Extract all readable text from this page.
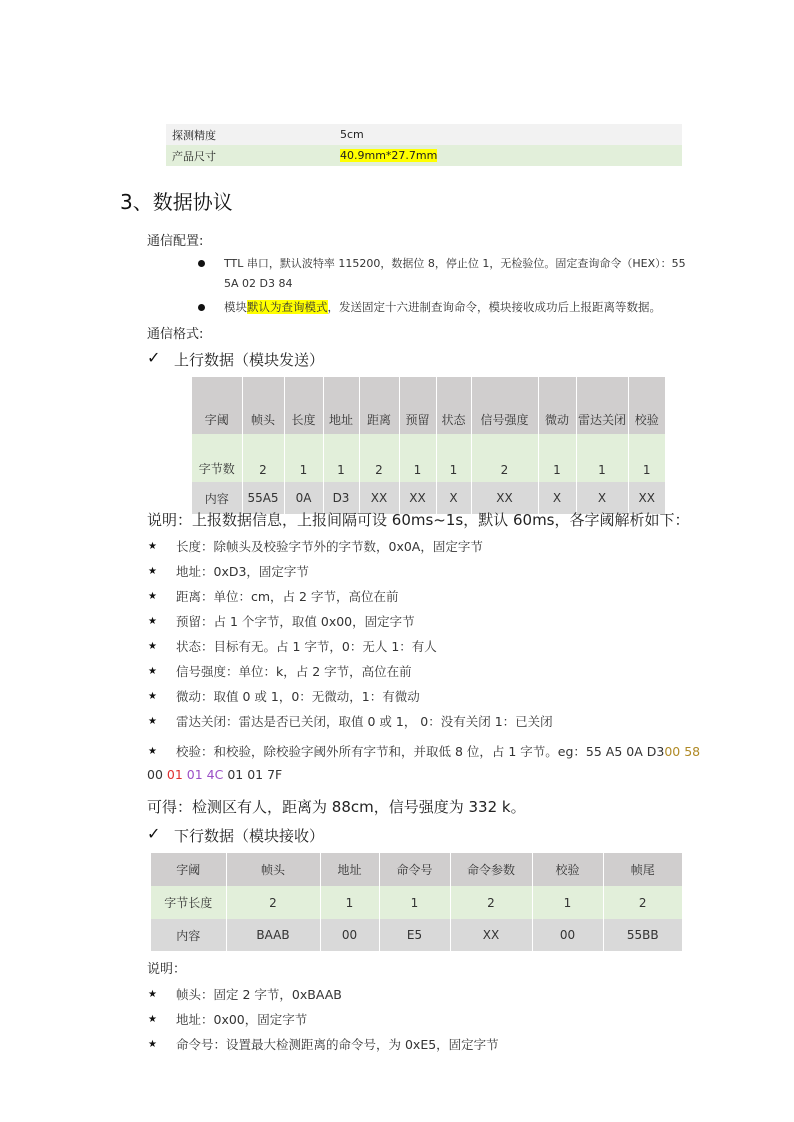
探测精度	5cm
产品尺寸	40.9mm*27.7mm
3、数据协议
通信配置:
TTL 串口，默认波特率 115200，数据位 8，停止位 1，无检验位。固定查询命令（HEX）：55
5A 02 D3 84
模块默认为查询模式，发送固定十六进制查询命令，模块接收成功后上报距离等数据。
通信格式:
✓ 上行数据（模块发送）
字阈	帧头	长度	地址	距离	预留	状态	信号强度	微动	雷达关闭	校验
字节数	2	1	1	2	1	1	2	1	1	1
内容	55A5	0A	D3	XX	XX	X	XX	X	X	XX
说明：上报数据信息，上报间隔可设 60ms~1s，默认 60ms，各字阈解析如下：
★ 长度：除帧头及校验字节外的字节数，0x0A，固定字节
★ 地址：0xD3，固定字节
★ 距离：单位：cm，占 2 字节，高位在前
★ 预留：占 1 个字节，取值 0x00，固定字节
★ 状态：目标有无。占 1 字节，0：无人 1：有人
★ 信号强度：单位：k，占 2 字节，高位在前
★ 微动：取值 0 或 1，0：无微动，1：有微动
★ 雷达关闭：雷达是否已关闭，取值 0 或 1， 0：没有关闭 1：已关闭
★ 校验：和校验，除校验字阈外所有字节和，并取低 8 位，占 1 字节。eg：55 A5 0A D300 58
00 01 01 4C 01 01 7F
可得：检测区有人，距离为 88cm，信号强度为 332 k。
✓ 下行数据（模块接收）
字阈	帧头	地址	命令号	命令参数	校验	帧尾
字节长度	2	1	1	2	1	2
内容	BAAB	00	E5	XX	00	55BB
说明：
★ 帧头：固定 2 字节，0xBAAB
★ 地址：0x00，固定字节
★ 命令号：设置最大检测距离的命令号，为 0xE5，固定字节
